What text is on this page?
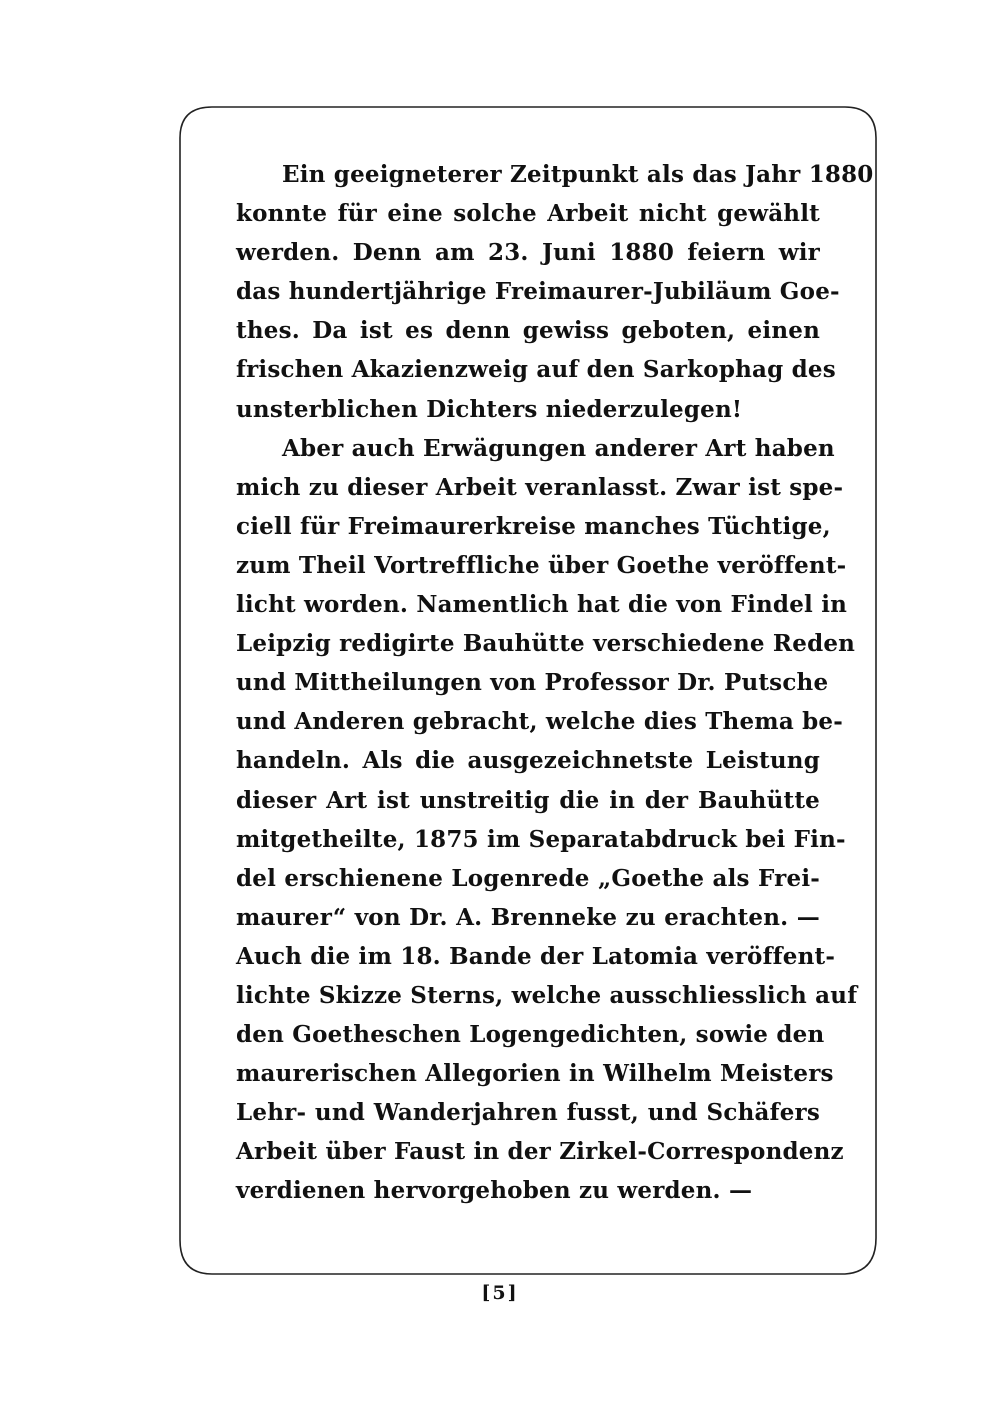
Ein geeigneterer Zeitpunkt als das Jahr 1880
konnte für eine solche Arbeit nicht gewählt
werden. Denn am 23. Juni 1880 feiern wir
das hundertjährige Freimaurer-Jubiläum Goe-
thes. Da ist es denn gewiss geboten, einen
frischen Akazienzweig auf den Sarkophag des
unsterblichen Dichters niederzulegen!
Aber auch Erwägungen anderer Art haben
mich zu dieser Arbeit veranlasst. Zwar ist spe-
ciell für Freimaurerkreise manches Tüchtige,
zum Theil Vortreffliche über Goethe veröffent-
licht worden. Namentlich hat die von Findel in
Leipzig redigirte Bauhütte verschiedene Reden
und Mittheilungen von Professor Dr. Putsche
und Anderen gebracht, welche dies Thema be-
handeln. Als die ausgezeichnetste Leistung
dieser Art ist unstreitig die in der Bauhütte
mitgetheilte, 1875 im Separatabdruck bei Fin-
del erschienene Logenrede „Goethe als Frei-
maurer“ von Dr. A. Brenneke zu erachten. —
Auch die im 18. Bande der Latomia veröffent-
lichte Skizze Sterns, welche ausschliesslich auf
den Goetheschen Logengedichten, sowie den
maurerischen Allegorien in Wilhelm Meisters
Lehr- und Wanderjahren fusst, und Schäfers
Arbeit über Faust in der Zirkel-Correspondenz
verdienen hervorgehoben zu werden. —
[5]
